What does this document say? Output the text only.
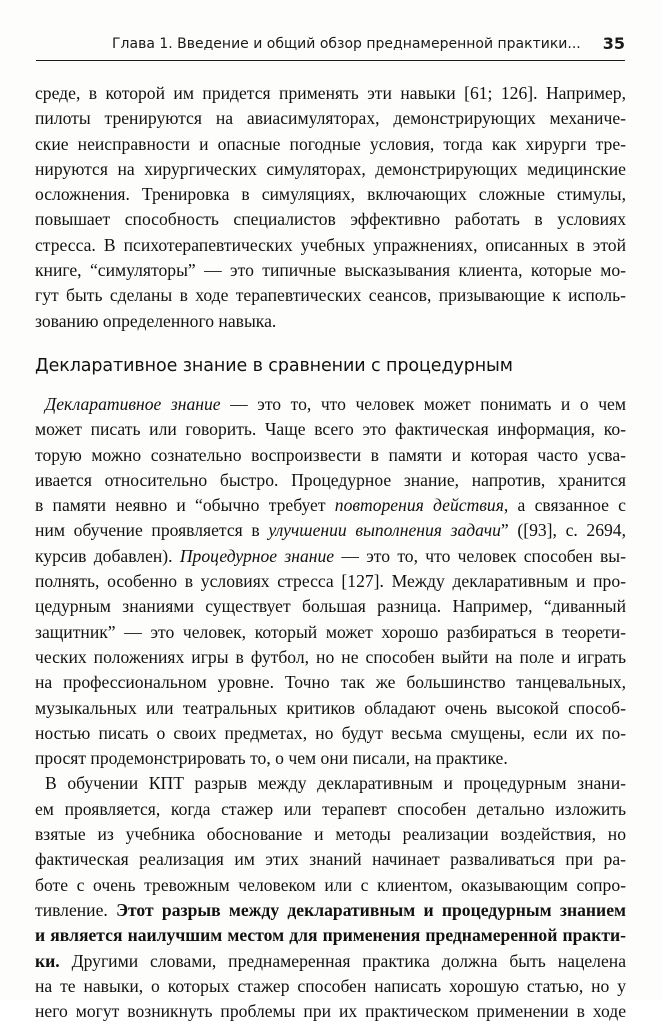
Глава 1. Введение и общий обзор преднамеренной практики... 35

среде, в которой им придется применять эти навыки [61; 126]. Например,
пилоты тренируются на авиасимуляторах, демонстрирующих механиче-
ские неисправности и опасные погодные условия, тогда как хирурги тре-
нируются на хирургических симуляторах, демонстрирующих медицинские
осложнения. Тренировка в симуляциях, включающих сложные стимулы,
повышает способность специалистов эффективно работать в условиях
стресса. В психотерапевтических учебных упражнениях, описанных в этой
книге, “симуляторы” — это типичные высказывания клиента, которые мо-
гут быть сделаны в ходе терапевтических сеансов, призывающие к исполь-
зованию определенного навыка.

Декларативное знание в сравнении с процедурным

Декларативное знание — это то, что человек может понимать и о чем
может писать или говорить. Чаще всего это фактическая информация, ко-
торую можно сознательно воспроизвести в памяти и которая часто усва-
ивается относительно быстро. Процедурное знание, напротив, хранится
в памяти неявно и “обычно требует повторения действия, а связанное с
ним обучение проявляется в улучшении выполнения задачи” ([93], с. 2694,
курсив добавлен). Процедурное знание — это то, что человек способен вы-
полнять, особенно в условиях стресса [127]. Между декларативным и про-
цедурным знаниями существует большая разница. Например, “диванный
защитник” — это человек, который может хорошо разбираться в теорети-
ческих положениях игры в футбол, но не способен выйти на поле и играть
на профессиональном уровне. Точно так же большинство танцевальных,
музыкальных или театральных критиков обладают очень высокой способ-
ностью писать о своих предметах, но будут весьма смущены, если их по-
просят продемонстрировать то, о чем они писали, на практике.

В обучении КПТ разрыв между декларативным и процедурным знани-
ем проявляется, когда стажер или терапевт способен детально изложить
взятые из учебника обоснование и методы реализации воздействия, но
фактическая реализация им этих знаний начинает разваливаться при ра-
боте с очень тревожным человеком или с клиентом, оказывающим сопро-
тивление. Этот разрыв между декларативным и процедурным знанием
и является наилучшим местом для применения преднамеренной практи-
ки. Другими словами, преднамеренная практика должна быть нацелена
на те навыки, о которых стажер способен написать хорошую статью, но у
него могут возникнуть проблемы при их практическом применении в ходе
